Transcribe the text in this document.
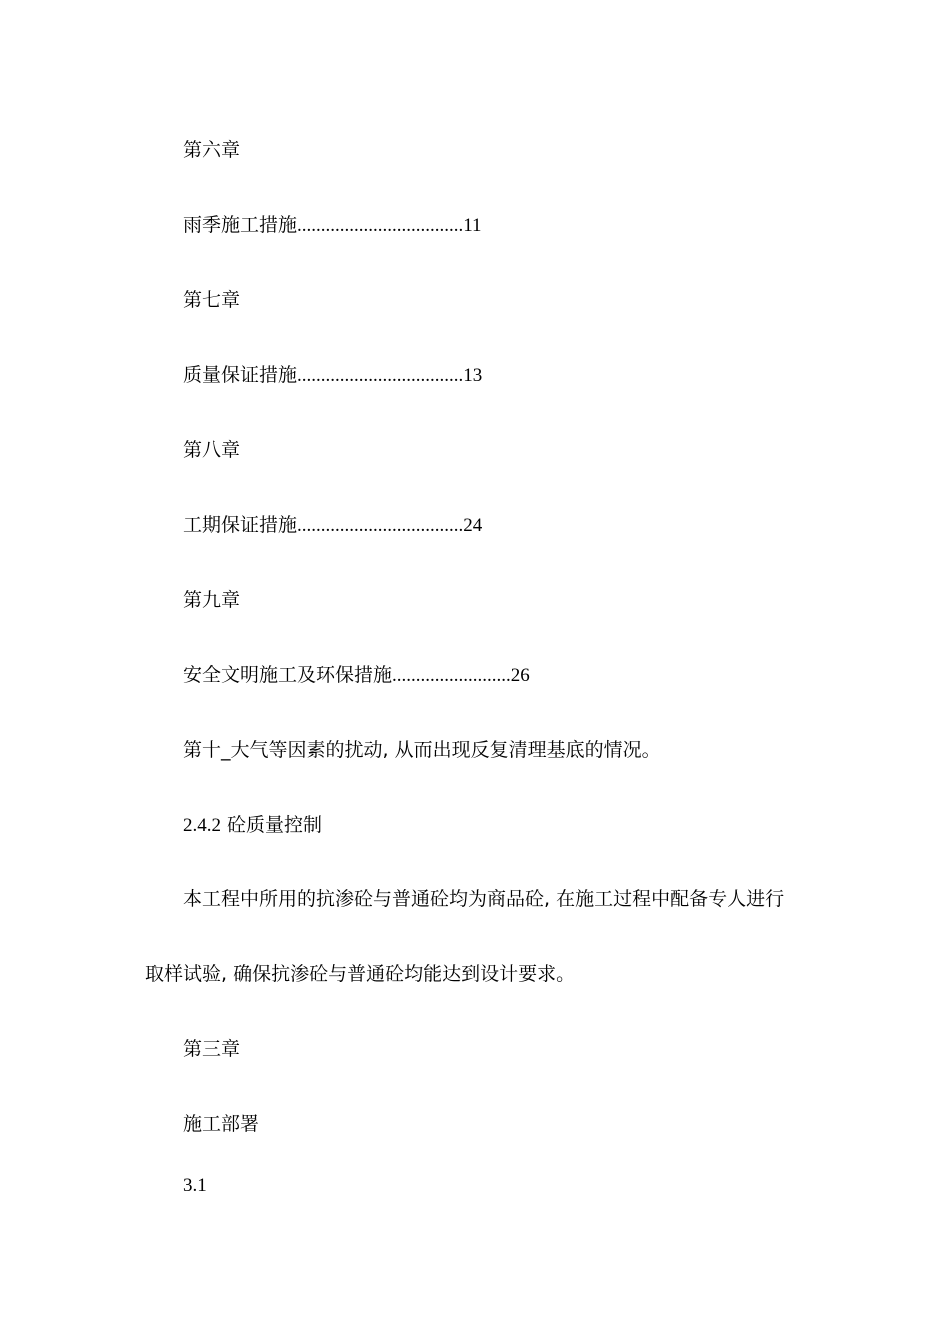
第六章
雨季施工措施...................................11
第七章
质量保证措施...................................13
第八章
工期保证措施...................................24
第九章
安全文明施工及环保措施.........................26
第十_大气等因素的扰动, 从而出现反复清理基底的情况。
2.4.2 砼质量控制
本工程中所用的抗渗砼与普通砼均为商品砼, 在施工过程中配备专人进行
取样试验, 确保抗渗砼与普通砼均能达到设计要求。
第三章
施工部署
3.1
